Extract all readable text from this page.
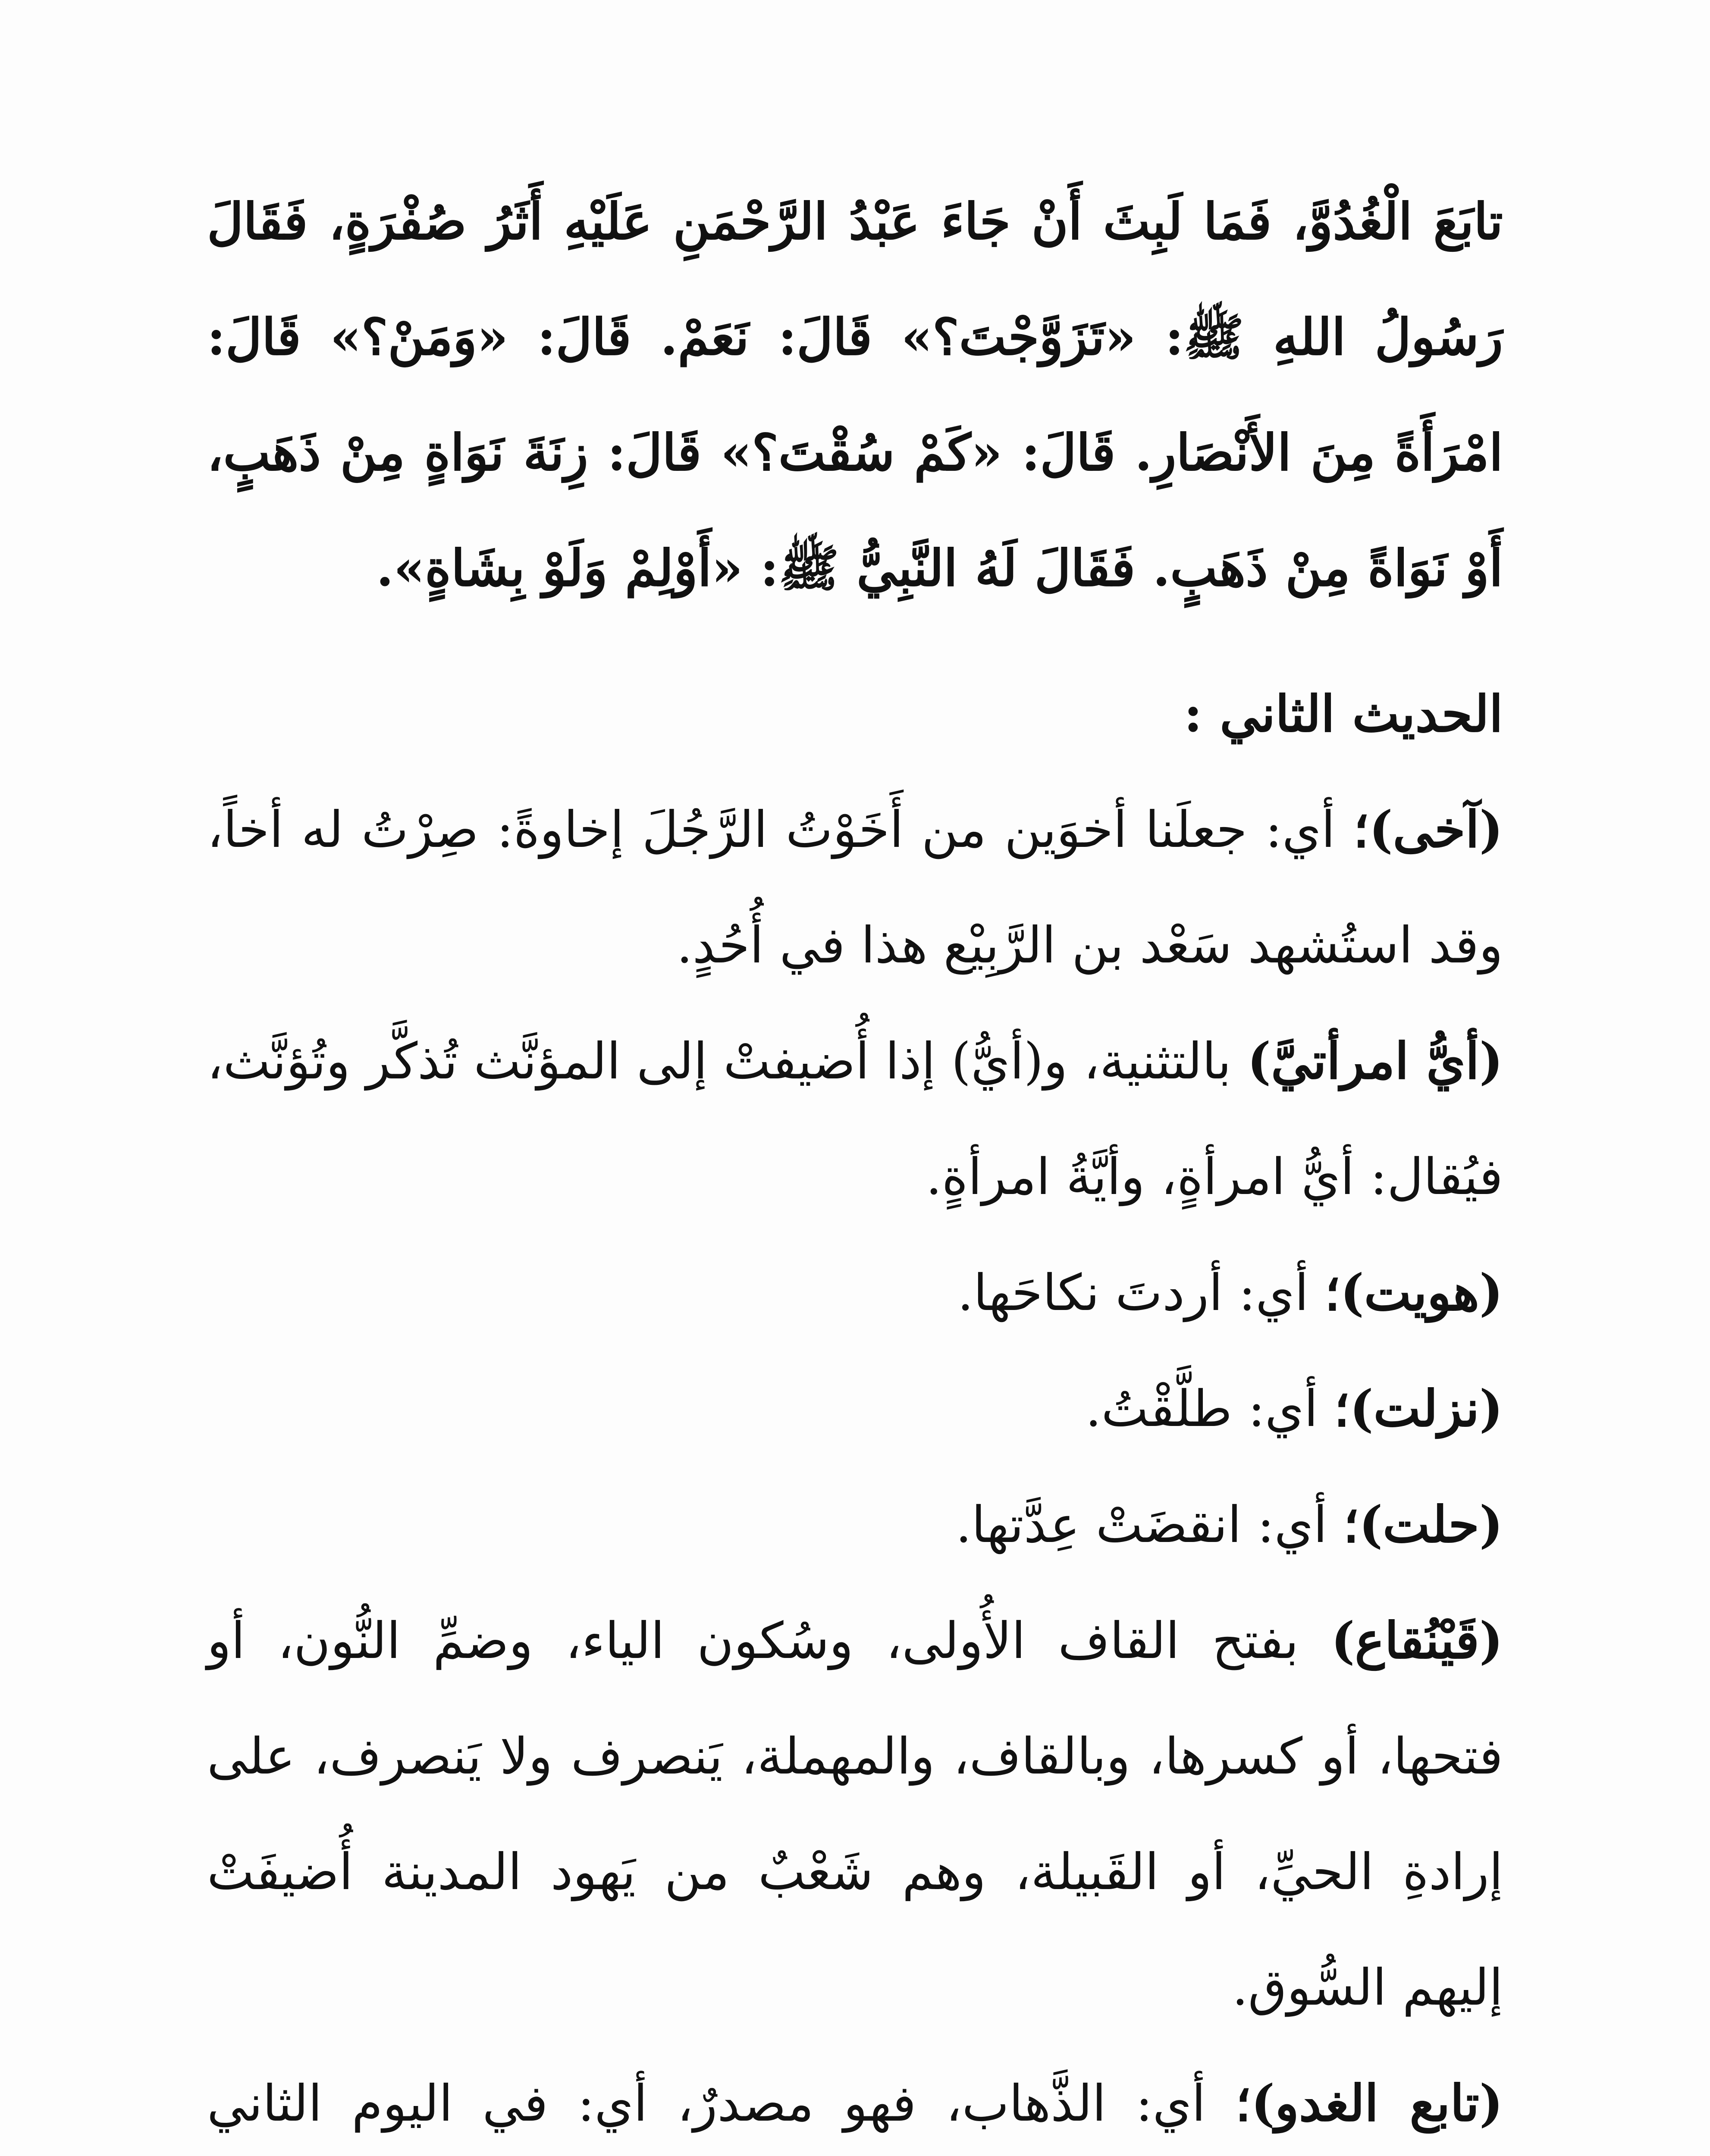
تابَعَ الْغُدُوَّ، فَمَا لَبِثَ أَنْ جَاءَ عَبْدُ الرَّحْمَنِ عَلَيْهِ أَثَرُ صُفْرَةٍ، فَقَالَ رَسُولُ اللهِ ﷺ: «تَزَوَّجْتَ؟» قَالَ: نَعَمْ. قَالَ: «وَمَنْ؟» قَالَ: امْرَأَةً مِنَ الأَنْصَارِ. قَالَ: «كَمْ سُقْتَ؟» قَالَ: زِنَةَ نَوَاةٍ مِنْ ذَهَبٍ، أَوْ نَوَاةً مِنْ ذَهَبٍ. فَقَالَ لَهُ النَّبِيُّ ﷺ: «أَوْلِمْ وَلَوْ بِشَاةٍ».

الحديث الثاني :

(آخى)؛ أي: جعلَنا أخوَين من أَخَوْتُ الرَّجُلَ إخاوةً: صِرْتُ له أخاً، وقد استُشهد سَعْد بن الرَّبِيْع هذا في أُحُدٍ.

(أيُّ امرأتيَّ) بالتثنية، و(أيُّ) إذا أُضيفتْ إلى المؤنَّث تُذكَّر وتُؤنَّث، فيُقال: أيُّ امرأةٍ، وأيَّةُ امرأةٍ.

(هويت)؛ أي: أردتَ نكاحَها.

(نزلت)؛ أي: طلَّقْتُ.

(حلت)؛ أي: انقضَتْ عِدَّتها.

(قَيْنُقاع) بفتح القاف الأُولى، وسُكون الياء، وضمِّ النُّون، أو فتحها، أو كسرها، وبالقاف، والمهملة، يَنصرف ولا يَنصرف، على إرادةِ الحيِّ، أو القَبيلة، وهم شَعْبٌ من يَهود المدينة أُضيفَتْ إليهم السُّوق.

(تابع الغدو)؛ أي: الذَّهاب، فهو مصدرٌ، أي: في اليوم الثاني
